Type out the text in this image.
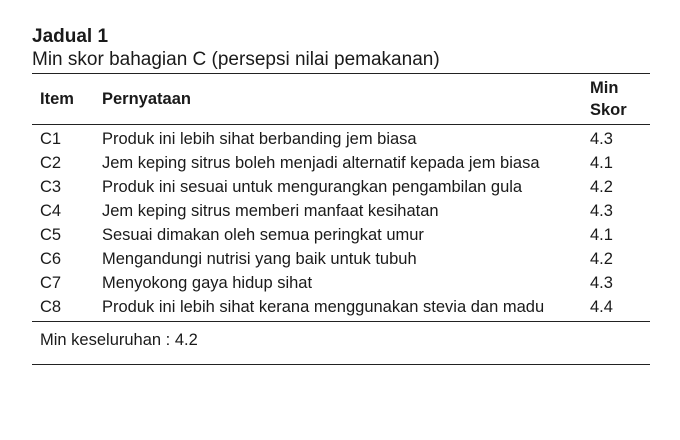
Jadual 1
Min skor bahagian C (persepsi nilai pemakanan)
Item	Pernyataan	Min
Skor

C1	Produk ini lebih sihat berbanding jem biasa	4.3
C2	Jem keping sitrus boleh menjadi alternatif kepada jem biasa	4.1
C3	Produk ini sesuai untuk mengurangkan pengambilan gula	4.2
C4	Jem keping sitrus memberi manfaat kesihatan	4.3
C5	Sesuai dimakan oleh semua peringkat umur	4.1
C6	Mengandungi nutrisi yang baik untuk tubuh	4.2
C7	Menyokong gaya hidup sihat	4.3
C8	Produk ini lebih sihat kerana menggunakan stevia dan madu	4.4
Min keseluruhan : 4.2		
